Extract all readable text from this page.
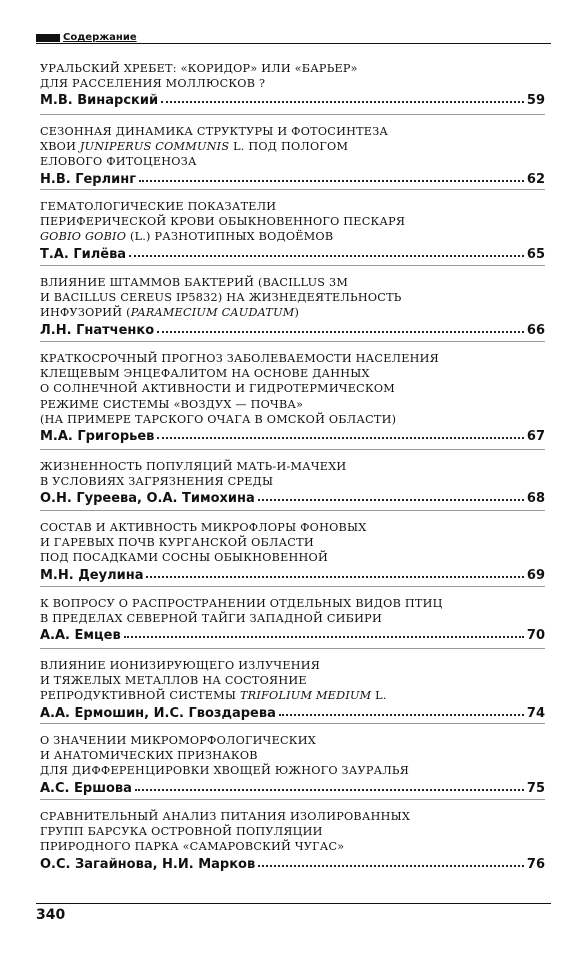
Содержание
УРАЛЬСКИЙ ХРЕБЕТ: «КОРИДОР» ИЛИ «БАРЬЕР»
ДЛЯ РАССЕЛЕНИЯ МОЛЛЮСКОВ ?
М.В. Винарский	59
СЕЗОННАЯ ДИНАМИКА СТРУКТУРЫ И ФОТОСИНТЕЗА
ХВОИ JUNIPERUS COMMUNIS L. ПОД ПОЛОГОМ
ЕЛОВОГО ФИТОЦЕНОЗА
Н.В. Герлинг	62
ГЕМАТОЛОГИЧЕСКИЕ ПОКАЗАТЕЛИ
ПЕРИФЕРИЧЕСКОЙ КРОВИ ОБЫКНОВЕННОГО ПЕСКАРЯ
GOBIO GOBIO (L.) РАЗНОТИПНЫХ ВОДОЁМОВ
Т.А. Гилёва	65
ВЛИЯНИЕ ШТАММОВ БАКТЕРИЙ (BACILLUS 3M
И BACILLUS CEREUS IP5832) НА ЖИЗНЕДЕЯТЕЛЬНОСТЬ
ИНФУЗОРИЙ (PARAMECIUM CAUDATUM)
Л.Н. Гнатченко	66
КРАТКОСРОЧНЫЙ ПРОГНОЗ ЗАБОЛЕВАЕМОСТИ НАСЕЛЕНИЯ
КЛЕЩЕВЫМ ЭНЦЕФАЛИТОМ НА ОСНОВЕ ДАННЫХ
О СОЛНЕЧНОЙ АКТИВНОСТИ И ГИДРОТЕРМИЧЕСКОМ
РЕЖИМЕ СИСТЕМЫ «ВОЗДУХ — ПОЧВА»
(НА ПРИМЕРЕ ТАРСКОГО ОЧАГА В ОМСКОЙ ОБЛАСТИ)
М.А. Григорьев	67
ЖИЗНЕННОСТЬ ПОПУЛЯЦИЙ МАТЬ-И-МАЧЕХИ
В УСЛОВИЯХ ЗАГРЯЗНЕНИЯ СРЕДЫ
О.Н. Гуреева, О.А. Тимохина	68
СОСТАВ И АКТИВНОСТЬ МИКРОФЛОРЫ ФОНОВЫХ
И ГАРЕВЫХ ПОЧВ КУРГАНСКОЙ ОБЛАСТИ
ПОД ПОСАДКАМИ СОСНЫ ОБЫКНОВЕННОЙ
М.Н. Деулина	69
К ВОПРОСУ О РАСПРОСТРАНЕНИИ ОТДЕЛЬНЫХ ВИДОВ ПТИЦ
В ПРЕДЕЛАХ СЕВЕРНОЙ ТАЙГИ ЗАПАДНОЙ СИБИРИ
А.А. Емцев	70
ВЛИЯНИЕ ИОНИЗИРУЮЩЕГО ИЗЛУЧЕНИЯ
И ТЯЖЕЛЫХ МЕТАЛЛОВ НА СОСТОЯНИЕ
РЕПРОДУКТИВНОЙ СИСТЕМЫ TRIFOLIUM MEDIUM L.
А.А. Ермошин, И.С. Гвоздарева	74
О ЗНАЧЕНИИ МИКРОМОРФОЛОГИЧЕСКИХ
И АНАТОМИЧЕСКИХ ПРИЗНАКОВ
ДЛЯ ДИФФЕРЕНЦИРОВКИ ХВОЩЕЙ ЮЖНОГО ЗАУРАЛЬЯ
А.С. Ершова	75
СРАВНИТЕЛЬНЫЙ АНАЛИЗ ПИТАНИЯ ИЗОЛИРОВАННЫХ
ГРУПП БАРСУКА ОСТРОВНОЙ ПОПУЛЯЦИИ
ПРИРОДНОГО ПАРКА «САМАРОВСКИЙ ЧУГАС»
О.С. Загайнова, Н.И. Марков	76
340
